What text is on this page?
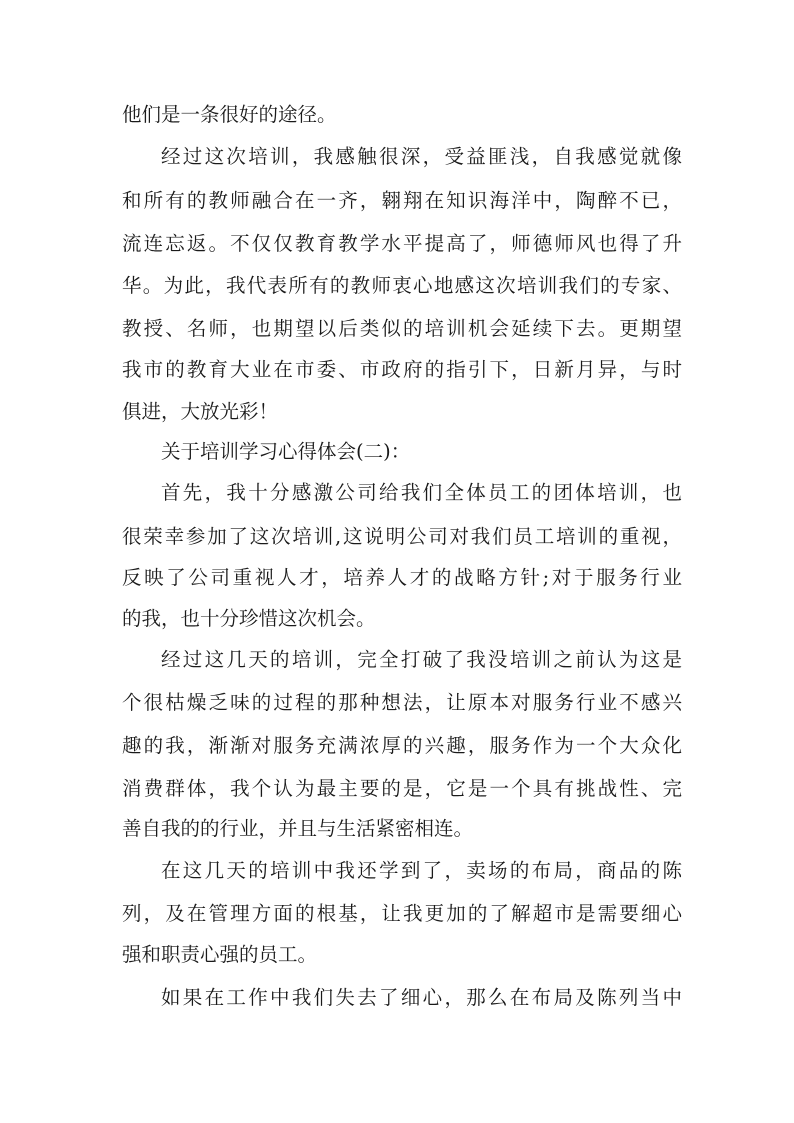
他们是一条很好的途径。
经过这次培训，我感触很深，受益匪浅，自我感觉就像
和所有的教师融合在一齐，翱翔在知识海洋中，陶醉不已，
流连忘返。不仅仅教育教学水平提高了，师德师风也得了升
华。为此，我代表所有的教师衷心地感这次培训我们的专家、
教授、名师，也期望以后类似的培训机会延续下去。更期望
我市的教育大业在市委、市政府的指引下，日新月异，与时
俱进，大放光彩！
关于培训学习心得体会(二)：
首先，我十分感激公司给我们全体员工的团体培训，也
很荣幸参加了这次培训,这说明公司对我们员工培训的重视，
反映了公司重视人才，培养人才的战略方针;对于服务行业
的我，也十分珍惜这次机会。
经过这几天的培训，完全打破了我没培训之前认为这是
个很枯燥乏味的过程的那种想法，让原本对服务行业不感兴
趣的我，渐渐对服务充满浓厚的兴趣，服务作为一个大众化
消费群体，我个认为最主要的是，它是一个具有挑战性、完
善自我的的行业，并且与生活紧密相连。
在这几天的培训中我还学到了，卖场的布局，商品的陈
列，及在管理方面的根基，让我更加的了解超市是需要细心
强和职责心强的员工。
如果在工作中我们失去了细心，那么在布局及陈列当中
